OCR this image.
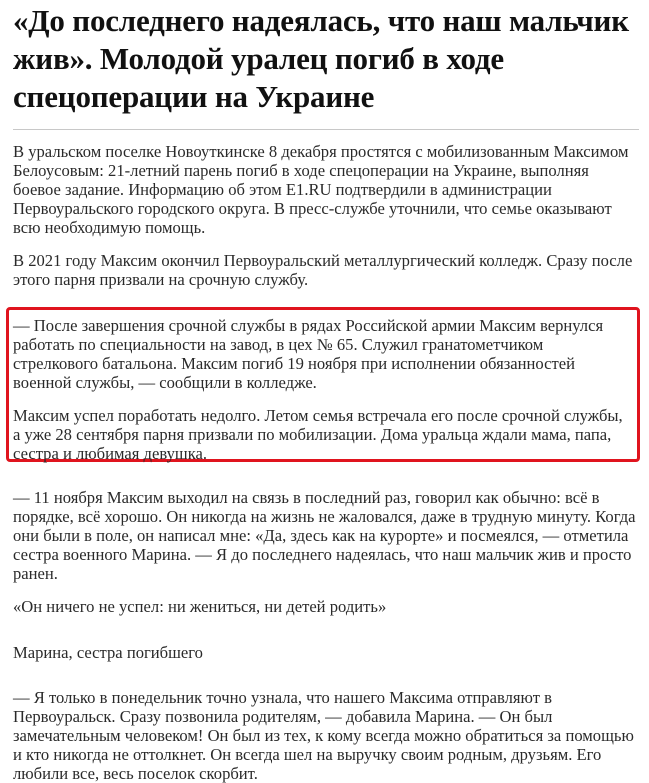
«До последнего надеялась, что наш мальчик жив». Молодой уралец погиб в ходе спецоперации на Украине

В уральском поселке Новоуткинске 8 декабря простятся с мобилизованным Максимом Белоусовым: 21-летний парень погиб в ходе спецоперации на Украине, выполняя боевое задание. Информацию об этом E1.RU подтвердили в администрации Первоуральского городского округа. В пресс-службе уточнили, что семье оказывают всю необходимую помощь.

В 2021 году Максим окончил Первоуральский металлургический колледж. Сразу после этого парня призвали на срочную службу.

— После завершения срочной службы в рядах Российской армии Максим вернулся работать по специальности на завод, в цех № 65. Служил гранатометчиком стрелкового батальона. Максим погиб 19 ноября при исполнении обязанностей военной службы, — сообщили в колледже.

Максим успел поработать недолго. Летом семья встречала его после срочной службы, а уже 28 сентября парня призвали по мобилизации. Дома уральца ждали мама, папа, сестра и любимая девушка.

— 11 ноября Максим выходил на связь в последний раз, говорил как обычно: всё в порядке, всё хорошо. Он никогда на жизнь не жаловался, даже в трудную минуту. Когда они были в поле, он написал мне: «Да, здесь как на курорте» и посмеялся, — отметила сестра военного Марина. — Я до последнего надеялась, что наш мальчик жив и просто ранен.

«Он ничего не успел: ни жениться, ни детей родить»

Марина, сестра погибшего

— Я только в понедельник точно узнала, что нашего Максима отправляют в Первоуральск. Сразу позвонила родителям, — добавила Марина. — Он был замечательным человеком! Он был из тех, к кому всегда можно обратиться за помощью и кто никогда не оттолкнет. Он всегда шел на выручку своим родным, друзьям. Его любили все, весь поселок скорбит.
